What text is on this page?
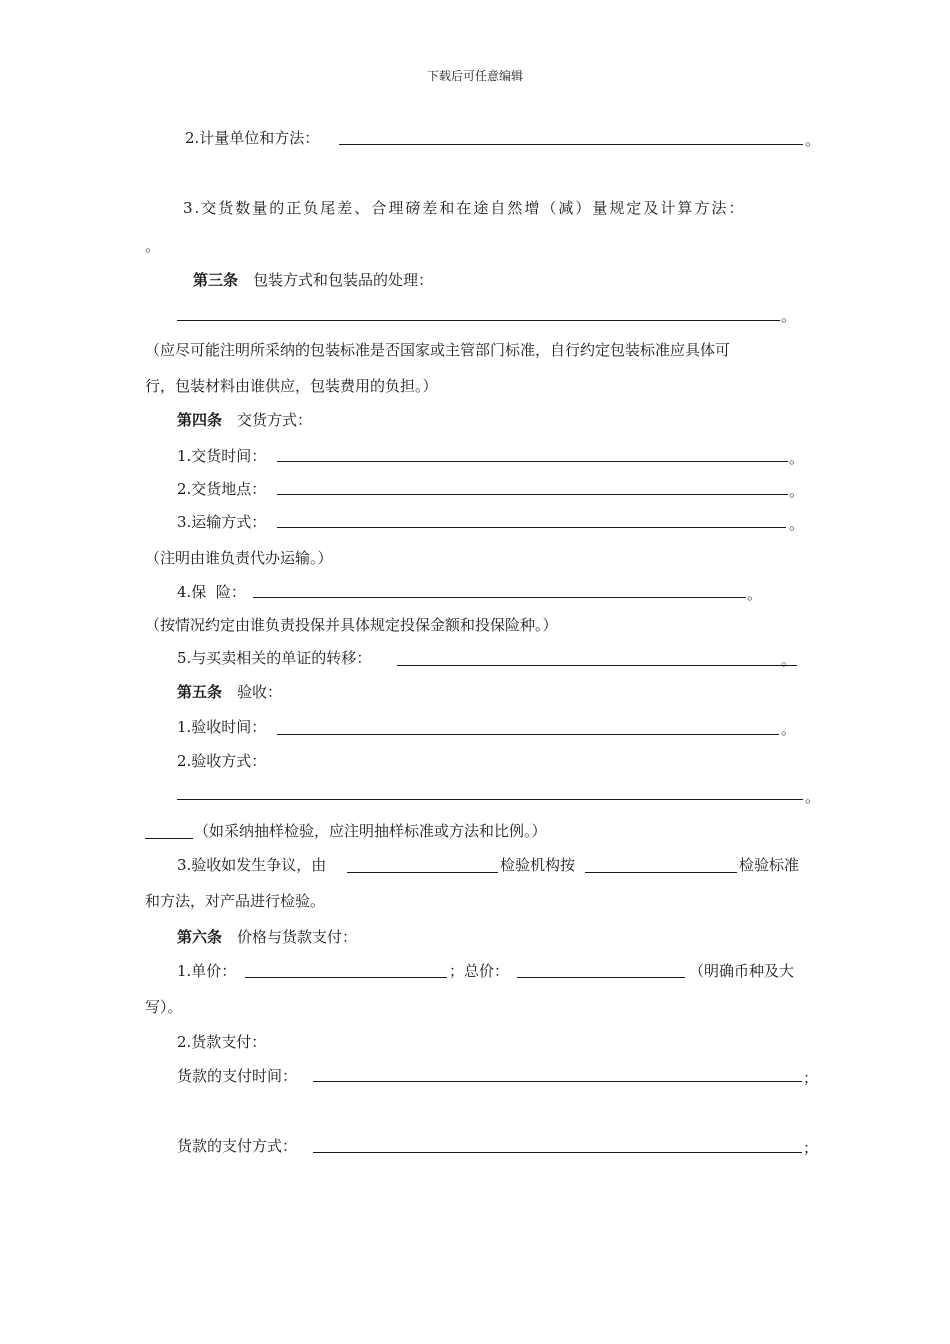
下载后可任意编辑
2.计量单位和方法：	。
3.交货数量的正负尾差、合理磅差和在途自然增（减）量规定及计算方法：
。
第三条 包装方式和包装品的处理：
。
（应尽可能注明所采纳的包装标准是否国家或主管部门标准，自行约定包装标准应具体可
行，包装材料由谁供应，包装费用的负担。）
第四条 交货方式：
1.交货时间：	。
2.交货地点：	。
3.运输方式：	。
（注明由谁负责代办运输。）
4.保  险：	。
（按情况约定由谁负责投保并具体规定投保金额和投保险种。）
5.与买卖相关的单证的转移：	。
第五条 验收：
1.验收时间：	。
2.验收方式：
。
（如采纳抽样检验，应注明抽样标准或方法和比例。）
3.验收如发生争议，由	检验机构按	检验标准
和方法，对产品进行检验。
第六条 价格与货款支付：
1.单价：	；总价：	（明确币种及大
写）。
2.货款支付：
货款的支付时间：	；
货款的支付方式：	；
